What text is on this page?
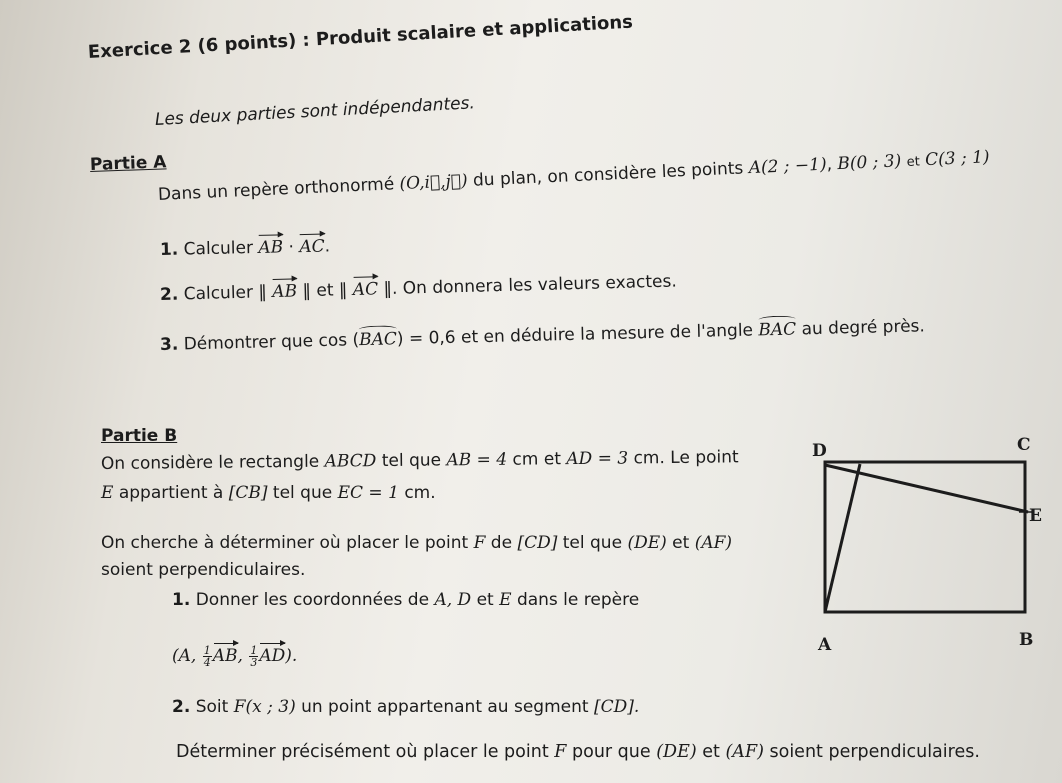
Exercice 2 (6 points) : Produit scalaire et applications
Les deux parties sont indépendantes.
Partie A
Dans un repère orthonormé (O,i⃗,j⃗) du plan, on considère les points A(2 ; −1), B(0 ; 3) et C(3 ; 1)
1. Calculer AB · AC.
2. Calculer ‖ AB ‖ et ‖ AC ‖. On donnera les valeurs exactes.
3. Démontrer que cos (BAC) = 0,6 et en déduire la mesure de l'angle BAC au degré près.
Partie B
On considère le rectangle ABCD tel que AB = 4 cm et AD = 3 cm. Le point
E appartient à [CB] tel que EC = 1 cm.
On cherche à déterminer où placer le point F de [CD] tel que (DE) et (AF)
soient perpendiculaires.
1. Donner les coordonnées de A, D et E dans le repère
(A, $\frac{1}{4}$ AB, $\frac{1}{3} AD$).
2. Soit F(x ; 3) un point appartenant au segment [CD].
Déterminer précisément où placer le point F pour que (DE) et (AF) soient perpendiculaires.
D	C
E
A	B
